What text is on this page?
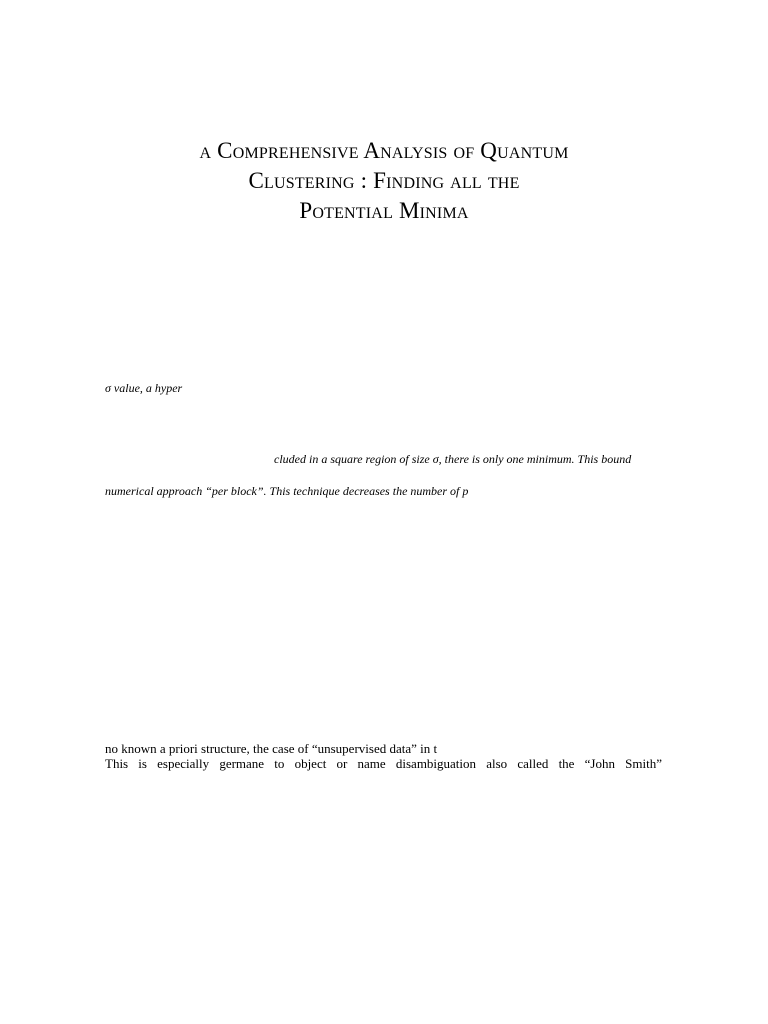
a Comprehensive Analysis of Quantum
Clustering : Finding all the
Potential Minima
σ value, a hyper
cluded in a square region of size σ, there is only one minimum. This bound
numerical approach “per block”. This technique decreases the number of p
no known a priori structure, the case of “unsupervised data” in t
This is especially germane to object or name disambiguation also called the “John Smith”
